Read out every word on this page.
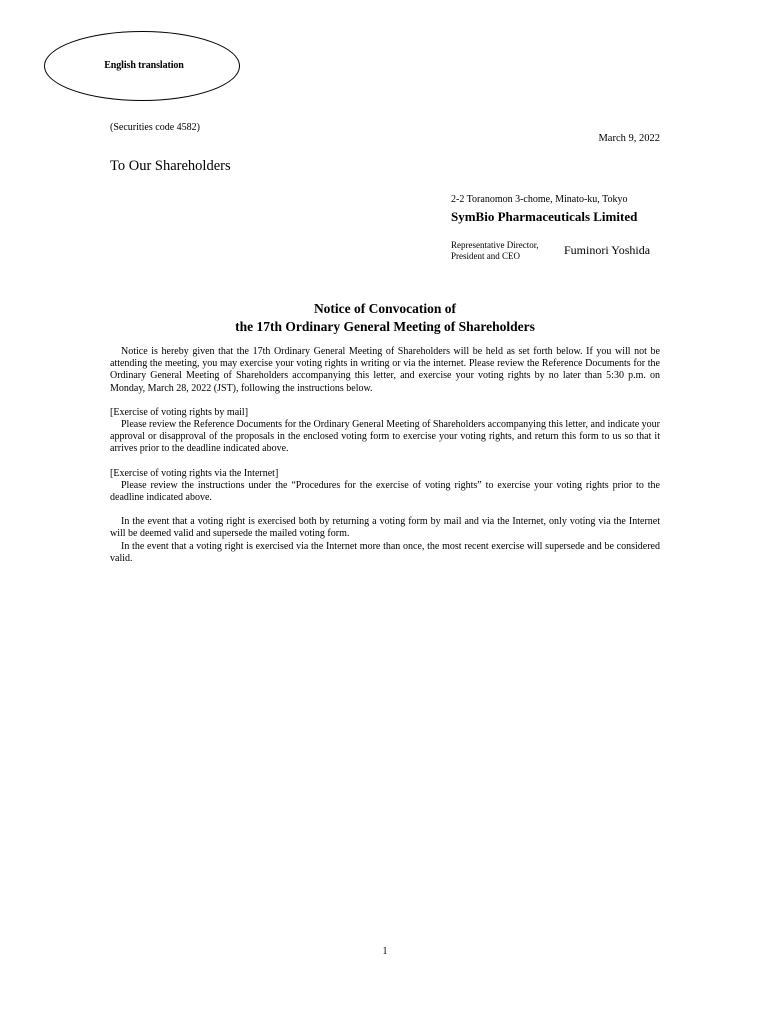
English translation
(Securities code 4582)
March 9, 2022
To Our Shareholders
2-2 Toranomon 3-chome, Minato-ku, Tokyo
SymBio Pharmaceuticals Limited
Representative Director,
President and CEO	Fuminori Yoshida
Notice of Convocation of
the 17th Ordinary General Meeting of Shareholders

Notice is hereby given that the 17th Ordinary General Meeting of Shareholders will be held as set forth below. If you will not be attending the meeting, you may exercise your voting rights in writing or via the internet. Please review the Reference Documents for the Ordinary General Meeting of Shareholders accompanying this letter, and exercise your voting rights by no later than 5:30 p.m. on Monday, March 28, 2022 (JST), following the instructions below.

[Exercise of voting rights by mail]

Please review the Reference Documents for the Ordinary General Meeting of Shareholders accompanying this letter, and indicate your approval or disapproval of the proposals in the enclosed voting form to exercise your voting rights, and return this form to us so that it arrives prior to the deadline indicated above.

[Exercise of voting rights via the Internet]

Please review the instructions under the “Procedures for the exercise of voting rights” to exercise your voting rights prior to the deadline indicated above.

In the event that a voting right is exercised both by returning a voting form by mail and via the Internet, only voting via the Internet will be deemed valid and supersede the mailed voting form.

In the event that a voting right is exercised via the Internet more than once, the most recent exercise will supersede and be considered valid.

1
